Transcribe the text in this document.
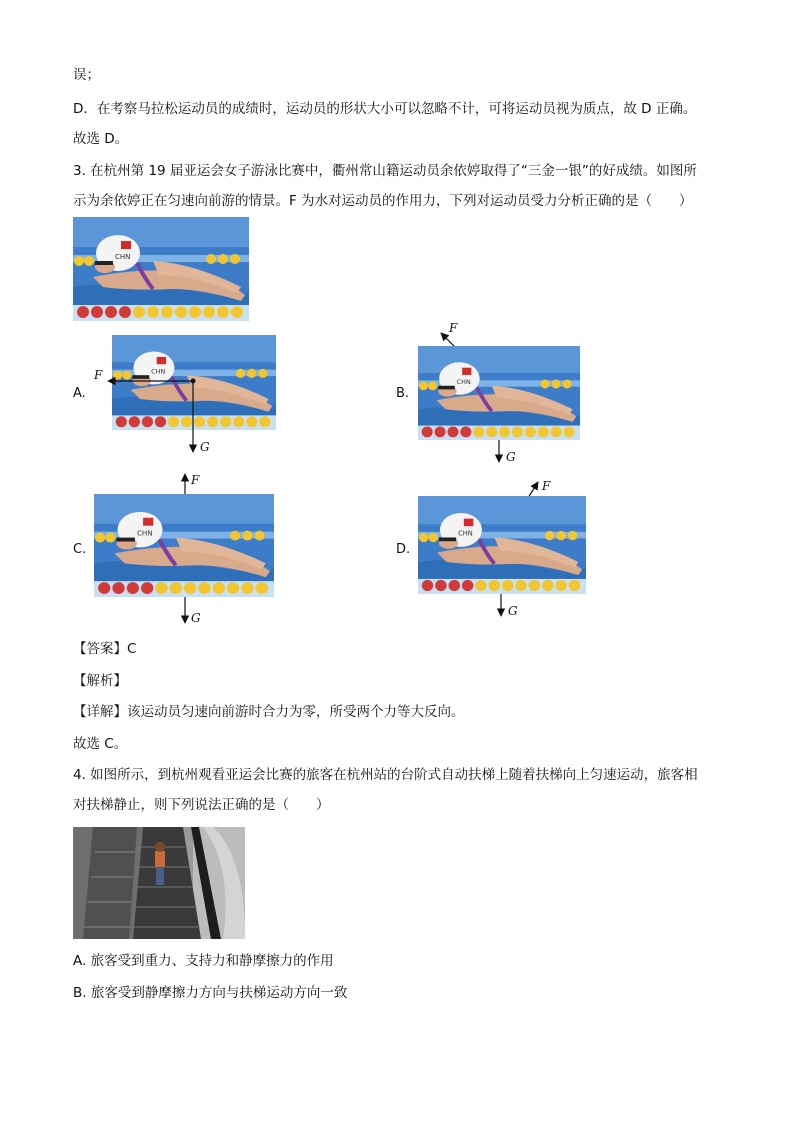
误；
D．在考察马拉松运动员的成绩时，运动员的形状大小可以忽略不计，可将运动员视为质点，故 D 正确。
故选 D。
3. 在杭州第 19 届亚运会女子游泳比赛中，衢州常山籍运动员余依婷取得了“三金一银”的好成绩。如图所
示为余依婷正在匀速向前游的情景。F 为水对运动员的作用力，下列对运动员受力分析正确的是（　　）
A.
F
G
B.
F
G
C.
F
G
D.
F
G
【答案】C
【解析】
【详解】该运动员匀速向前游时合力为零，所受两个力等大反向。
故选 C。
4. 如图所示，到杭州观看亚运会比赛的旅客在杭州站的台阶式自动扶梯上随着扶梯向上匀速运动，旅客相
对扶梯静止，则下列说法正确的是（　　）
A. 旅客受到重力、支持力和静摩擦力的作用
B. 旅客受到静摩擦力方向与扶梯运动方向一致
